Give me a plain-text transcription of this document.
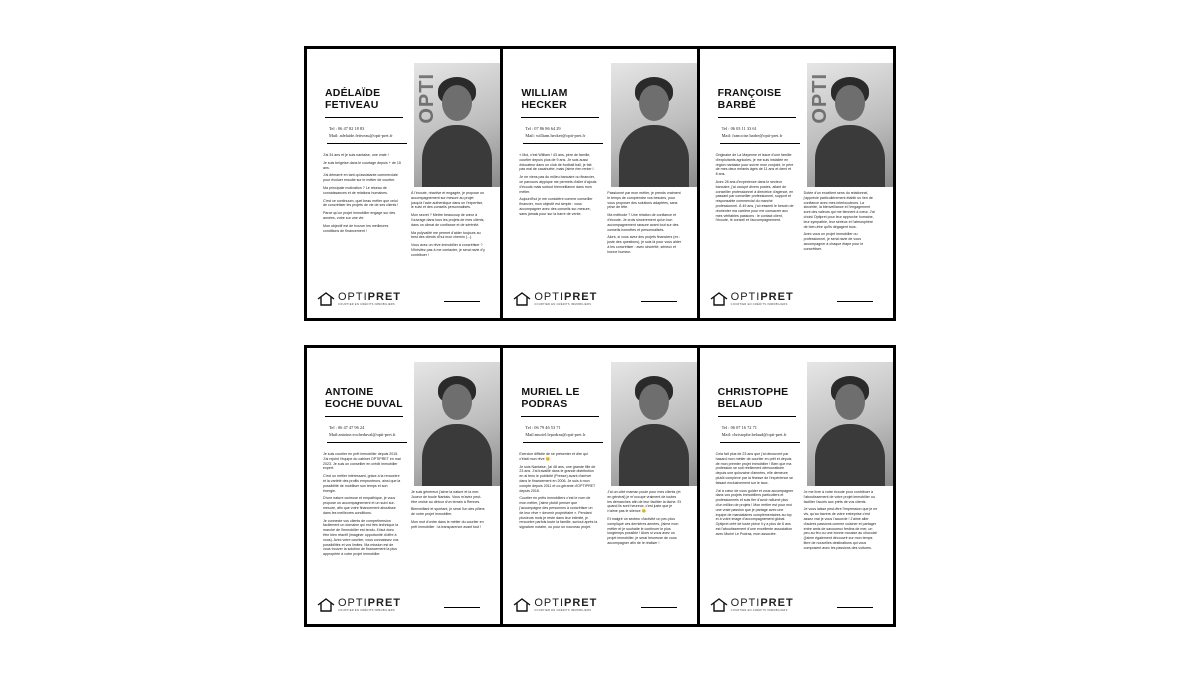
ADÉLAÏDE FETIVEAU	OPTI
Tel : 06 47 82 18 83
Mail: adelaide.fetiveau@opti-pret.fr

J'ai 34 ans et je suis nantaise, une vraie !

Je suis belgeise dans le courtage depuis + de 15 ans.

J'ai démarré en tant qu'assistante commerciale pour évoluer ensuite sur le métier de courtier.

Ma principale motivation ? Le réseau de connaissances et de relations humaines.

C'est ce continuum, quel beau métier que celui de concrétiser les projets de vie de ses clients !

Parce qu'un projet immobilier engage sur des années, votre sur une vie.

Mon objectif est de trouver les meilleures conditions de financement !

À l'écoute, réactive et engagée, je propose un accompagnement sur mesure au projet jusqu'à l'acte authentique dans un l'expertise, le suivi et des conseils personnalisés.

Mon secret ? Mettre beaucoup de cœur à l'ouvrage dans tous les projets de mes clients, dans un climat de confiance et de sérénité.

Ma polyvalité me permet d'aider toujours au best des clients d'hui mon chemin (...).

Vous avez un rêve immobilier à concrétiser ? N'hésitez pas à me contacter, je serai ravie d'y contribuer !

OPTIPRET
COURTIER EN CRÉDITS IMMOBILIERS
WILLIAM HECKER
Tel : 07 86 86 64 29
Mail: william.hecker@opti-pret.fr

« Moi, c'est William ! 43 ans, père de famille, courtier depuis plus de 9 ans. Je suis aussi éducateur dans un club de football ball, je fait pas mal de cacahuète, mais j'aime rien renier !.

Je ne viens pas du milieu bancaire ou financier, ce parcours atypique me permets d'aller d'ajouts d'écouts mais surtout bienveillance dans mon métier.

Aujourd'hui je me considère comme conseiller financier, mon objectif est simple : vous accompagner avec des conseils sur-mesure, sans jamais pour sur la barre de vente.

Passionné par mon métier, je prends vraiment le temps de comprendre vos besoins, pour vous proposer des solutions adaptées, sans prise de tête.

Ma méthode ? Une relation de confiance et d'écoute. Je crois sincèrement qu'un bon accompagnement rassure avant tout sur des conseils honnêtes et personnalisés.

Alors, si vous avez des projets financiers (ex : juste des questions), je suis là pour vous aider à les concrétiser : avec sincérité, sérieux et bonne humeur.

OPTIPRET
COURTIER EN CRÉDITS IMMOBILIERS
FRANÇOISE BARBÉ	OPTI
Tel : 06 03 11 33 61
Mail: francoise.barbe@opti-pret.fr

Originaire de La Mayenne et issue d'une famille d'exploitants agricoles, je me suis installée en région nantaise pour suivre mon conjoint, le père de mes deux enfants âgés de 11 ans et demi et 8 ans.

Avec 28 ans d'expérience dans le secteur bancaire, j'ai occupé divers postes, allant de conseiller professionnel à directrice d'agence, en passant par conseiller professionnel, support et responsable commercial du marché professionnel. À 49 ans, j'ai ressenti le besoin de réorienter ma carrière pour me consacrer aux mes véritables passions : le contact client, l'écoute, le conseil et l'accompagnement.

Dotée d'un excellent sens du relationnel, j'apprécie particulièrement établir un lien de confiance avec mes interlocuteurs. La sincérité, la bienveillance et l'engagement sont des valeurs qui me tiennent à cœur. J'ai choisi Optipret pour leur approche humaine, leur sympathie, leur sérieux et l'atmosphère de bien-être qu'ils dégagent tous.

Avec vous un projet immobilier ou professionnel, je serai ravie de vous accompagner à chaque étape pour le concrétiser.

OPTIPRET
COURTIER EN CRÉDITS IMMOBILIERS
ANTOINE EOCHE DUVAL
Tel : 06 47 47 96 24
Mail:antoine.eocheduval@opti-pret.fr

Je suis courtier en prêt immobilier depuis 2015. J'ai rejoint l'équipe du cabinet OPTIPRET en mai 2023. Je suis un conseiller en crédit immobilier expert.

C'est un métier intéressant, grâce à la rencontre et la variété des profils emprunteurs, ainsi que la possibilité de mobiliser son temps et son énergie.

D'une nature curieuse et empathique, je vous propose un accompagnement et un suivi sur-mesure, afin que votre financement aboutisse dans les meilleures conditions.

Je connecte vos clients de compréhension facilement un domaine qui est très technique la marché de l'immobilier est tendu. Il faut donc être bien réactif (imaginer opportunité d'offre à vous). Avec votre courtier, vous connaissez vos possibilités et vos limites. Ma mission est de vous trouver la solution de financement la plus appropriée à votre projet immobilier.

Je suis généreux j'aime la nature et la mer. Joueur de boule Nantais. Vous m'avez peut-être croisé au détour d'un terrain à Rennes.

Bienveillant et sportant, je serai l'un des piliers de votre projet immobilier.

Mon mot d'ordre dans le métier du courtier en prêt immobilier : la transparence avant tout !

OPTIPRET
COURTIER EN CRÉDITS IMMOBILIERS
MURIEL LE PODRAS
Tel : 06 79 46 53 71
Mail:muriel.lepodras@opti-pret.fr

Exercice difficile de se présenter et dire qui c'était mon rêve 😊.

Je suis Nantaise, j'ai 48 ans, une grande fille de 23 ans. J'ai travaillé dans le grande distribution en ai tenu le publicité (Presse) avant d'arriver dans le financement en 2006. Je suis à mon compte depuis 2011 et co-gérante d'OPTIPRET depuis 2016.

Courtier en prêts immobiliers c'est le nom de mon métier, j'aime plutôt penser que j'accompagne des personnes à concrétiser un de leur rêve « devenir propriétaire ». Pendant plusieurs mois je reste dans leur intimité, je rencontre parfois toute la famille, surtout après la signature notaire, ou pour un nouveau projet.

J'ai un côté maman poule pour mes clients (et en général) je m'occupe vraiment de toutes les démarches afin de leur faciliter la tâche. Et quand ils sont heureux, c'est juste que je n'aime pas le silence 😊.

Et malgré un secteur d'activité un peu plus compliqué ces dernières années, j'aime mon métier et je souhaite le continuer le plus longtemps possible ! Alors si vous avez un projet immobilier, je serai heureuse de vous accompagner afin de le réaliser !

OPTIPRET
COURTIER EN CRÉDITS IMMOBILIERS
CHRISTOPHE BELAUD
Tel : 06 07 16 72 71
Mail: christophe.belaud@opti-pret.fr

Cela fait plus de 23 ans que j'ai découvert par hasard mon métier de courtier en prêt et depuis de mon premier projet immobilier ! Bien que ma profession se soit réellement démocratisée depuis une quinzaine d'années, elle demeure plutôt complexe par la finesse de l'expérience se faisant exclusivement sur le taux.

J'ai à cœur de vous guider et vous accompagner dans vos projets immobiliers particuliers et professionnels et suis fier d'avoir rallumé plus d'un million de projets ! Mon métier est pour moi une vraie passion que je partage avec une équipe de mandataires complémentaires au top et à votre image d'accompagnement global. Optipret créé de toute pièce il y a plus de 6 ans est l'aboutissement d'une excellente association avec Muriel Le Podras, mon associée.

Je me livre à votre écoute pour contribuer à l'aboutissement de votre projet immobilier ou faciliter l'accès aux prêts de vos clients.

Je vous laisse peut-être l'impression que je ne vis, qu'au travers de votre entreprise c'est assez vrai je vous l'accorde ! J'aime aller d'autres passions comme cuisiner et partager entre amis de savoureux festins de mer, un peu au feu ou une bonne mousse au chocolat (j'aime également découvrir sur mon temps libre de nouvelles destinations qui vous composent avec les passions des voitures.

OPTIPRET
COURTIER EN CRÉDITS IMMOBILIERS
